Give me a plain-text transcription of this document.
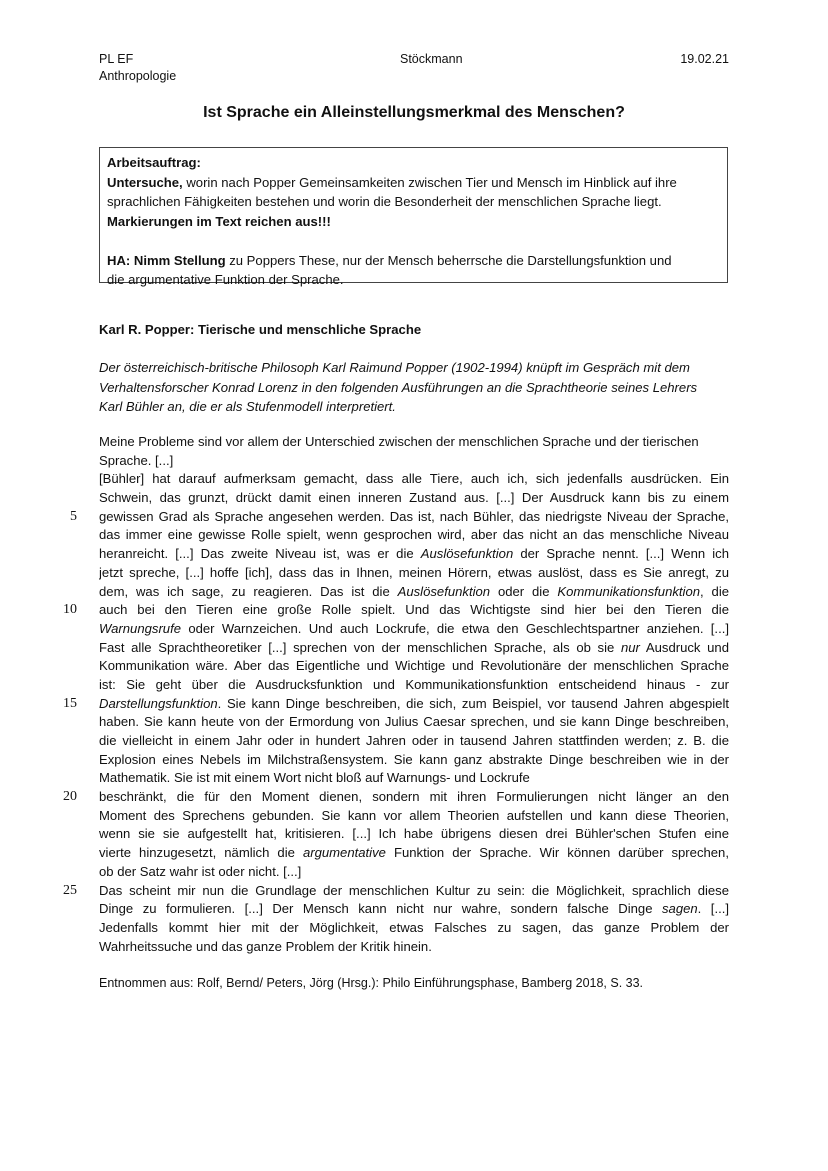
PL EF
Anthropologie
Stöckmann	19.02.21
Ist Sprache ein Alleinstellungsmerkmal des Menschen?

Arbeitsauftrag:

Untersuche, worin nach Popper Gemeinsamkeiten zwischen Tier und Mensch im Hinblick auf ihre

sprachlichen Fähigkeiten bestehen und worin die Besonderheit der menschlichen Sprache liegt.

Markierungen im Text reichen aus!!!

HA: Nimm Stellung zu Poppers These, nur der Mensch beherrsche die Darstellungsfunktion und

die argumentative Funktion der Sprache.

Karl R. Popper: Tierische und menschliche Sprache
Der österreichisch-britische Philosoph Karl Raimund Popper (1902-1994) knüpft im Gespräch mit dem
Verhaltensforscher Konrad Lorenz in den folgenden Ausführungen an die Sprachtheorie seines Lehrers
Karl Bühler an, die er als Stufenmodell interpretiert.
5
10
15
20
25
Meine Probleme sind vor allem der Unterschied zwischen der menschlichen Sprache und der tierischen
Sprache. [...]
[Bühler] hat darauf aufmerksam gemacht, dass alle Tiere, auch ich, sich jedenfalls ausdrücken. Ein
Schwein, das grunzt, drückt damit einen inneren Zustand aus. [...] Der Ausdruck kann bis zu einem
gewissen Grad als Sprache angesehen werden. Das ist, nach Bühler, das niedrigste Niveau der Sprache,
das immer eine gewisse Rolle spielt, wenn gesprochen wird, aber das nicht an das menschliche Niveau
heranreicht. [...] Das zweite Niveau ist, was er die Auslösefunktion der Sprache nennt. [...] Wenn ich
jetzt spreche, [...] hoffe [ich], dass das in Ihnen, meinen Hörern, etwas auslöst, dass es Sie anregt, zu
dem, was ich sage, zu reagieren. Das ist die Auslösefunktion oder die Kommunikationsfunktion, die
auch bei den Tieren eine große Rolle spielt. Und das Wichtigste sind hier bei den Tieren die
Warnungsrufe oder Warnzeichen. Und auch Lockrufe, die etwa den Geschlechtspartner anziehen. [...]
Fast alle Sprachtheoretiker [...] sprechen von der menschlichen Sprache, als ob sie nur Ausdruck und
Kommunikation wäre. Aber das Eigentliche und Wichtige und Revolutionäre der menschlichen Sprache
ist: Sie geht über die Ausdrucksfunktion und Kommunikationsfunktion entscheidend hinaus - zur
Darstellungsfunktion. Sie kann Dinge beschreiben, die sich, zum Beispiel, vor tausend Jahren abgespielt
haben. Sie kann heute von der Ermordung von Julius Caesar sprechen, und sie kann Dinge beschreiben,
die vielleicht in einem Jahr oder in hundert Jahren oder in tausend Jahren stattfinden werden; z. B. die
Explosion eines Nebels im Milchstraßensystem. Sie kann ganz abstrakte Dinge beschreiben wie in der
Mathematik. Sie ist mit einem Wort nicht bloß auf Warnungs- und Lockrufe
beschränkt, die für den Moment dienen, sondern mit ihren Formulierungen nicht länger an den
Moment des Sprechens gebunden. Sie kann vor allem Theorien aufstellen und kann diese Theorien,
wenn sie sie aufgestellt hat, kritisieren. [...] Ich habe übrigens diesen drei Bühler'schen Stufen eine
vierte hinzugesetzt, nämlich die argumentative Funktion der Sprache. Wir können darüber sprechen,
ob der Satz wahr ist oder nicht. [...]
Das scheint mir nun die Grundlage der menschlichen Kultur zu sein: die Möglichkeit, sprachlich diese
Dinge zu formulieren. [...] Der Mensch kann nicht nur wahre, sondern falsche Dinge sagen. [...]
Jedenfalls kommt hier mit der Möglichkeit, etwas Falsches zu sagen, das ganze Problem der
Wahrheitssuche und das ganze Problem der Kritik hinein.
Entnommen aus: Rolf, Bernd/ Peters, Jörg (Hrsg.): Philo Einführungsphase, Bamberg 2018, S. 33.
